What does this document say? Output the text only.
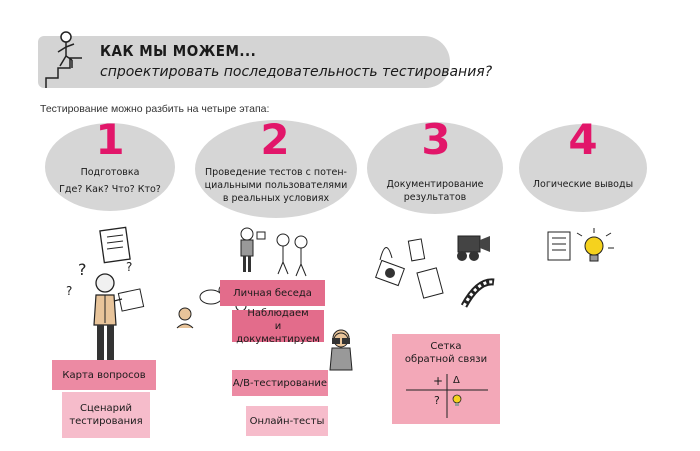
КАК МЫ МОЖЕМ...
спроектировать последовательность тестирования?
Тестирование можно разбить на четыре этапа:
1
Подготовка
Где? Как? Что? Кто?
2
Проведение тестов с потен-
циальными пользователями
в реальных условиях
3
Документирование
результатов
4
Логические выводы
?
?
?
Карта вопросов
Сценарий
тестирования
Личная беседа
Наблюдаем
и документируем
А/В-тестирование
Онлайн-тесты
Сетка
обратной связи
+ Δ
?
